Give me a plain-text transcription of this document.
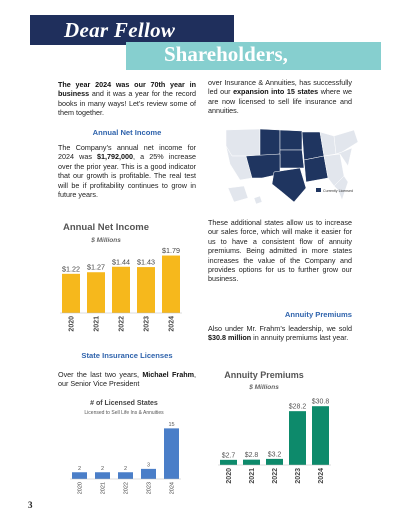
Dear Fellow
Shareholders,
The year 2024 was our 70th year in business and it was a year for the record books in many ways! Let’s review some of them together.
Annual Net Income
The Company’s annual net income for 2024 was $1,792,000, a 25% increase over the prior year. This is a good indicator that our growth is profitable. The real test will be if profitability continues to grow in future years.
Annual Net Income
$ Millions
$1.22
2020
$1.27
2021
$1.44
2022
$1.43
2023
$1.79
2024
State Insurance Licenses
Over the last two years, Michael Frahm, our Senior Vice President
# of Licensed States
Licensed to Sell Life Ins & Annuities
2
2020
2
2021
2
2022
3
2023
15
2024
over Insurance & Annuities, has successfully led our expansion into 15 states where we are now licensed to sell life insurance and annuities.
Currently Licensed
These additional states allow us to increase our sales force, which will make it easier for us to have a consistent flow of annuity premiums. Being admitted in more states increases the value of the Company and provides options for us to further grow our business.
Annuity Premiums
Also under Mr. Frahm’s leadership, we sold $30.8 million in annuity premiums last year.
Annuity Premiums
$ Millions
$2.7
2020
$2.8
2021
$3.2
2022
$28.2
2023
$30.8
2024
3
